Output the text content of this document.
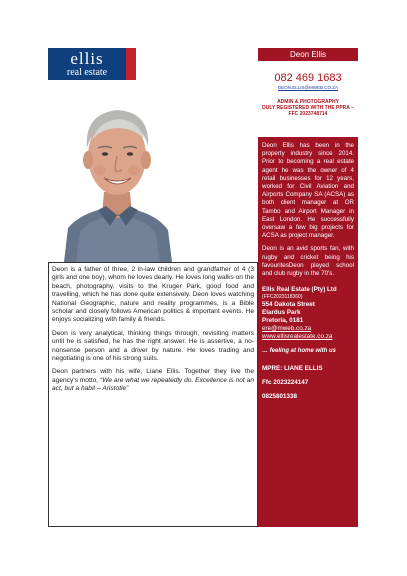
ellis
real estate
Deon Ellis
082 469 1683
DEON.ELLIS@MWEB.CO.ZA
ADMIN & PHOTOGRAPHY
DULY REGISTERED WITH THE PPRA –
FFC 2023748714

Deon Ellis has been in the property industry since 2014. Prior to becoming a real estate agent he was the owner of 4 retail businesses for 12 years, worked for Civil Aviation and Airports Company SA (ACSA) as both client manager at OR Tambo and Airport Manager in East London. He successfully oversaw a few big projects for ACSA as project manager.

Deon is an avid sports fan, with rugby and cricket being his favouritesDeon played school and club rugby in the 70’s.

Ellis Real Estate (Pty) Ltd
(FFC2023118360)
554 Dakota Street
Elardus Park
Pretoria, 0181
ere@mweb.co.za
www.ellisrealestate.co.za
… feeling at home with us
MPRE: LIANE ELLIS
Ffc 2023224147
0825801338

Deon is a father of three, 2 in-law children and grandfather of 4 (3 girls and one boy), whom he loves dearly. He loves long walks on the beach, photography, visits to the Kruger Park, good food and travelling, which he has done quite extensively. Deon loves watching National Geographic, nature and reality programmes, is a Bible scholar and closely follows American politics & important events. He enjoys socializing with family & friends.

Deon is very analytical, thinking things through, revisiting matters until he is satisfied, he has the right answer. He is assertive, a no-nonsense person and a driver by nature. He loves trading and negotiating is one of his strong suits.

Deon partners with his wife, Liane Ellis. Together they live the agency’s motto, “We are what we repeatedly do. Excellence is not an act, but a habit – Aristotle”
